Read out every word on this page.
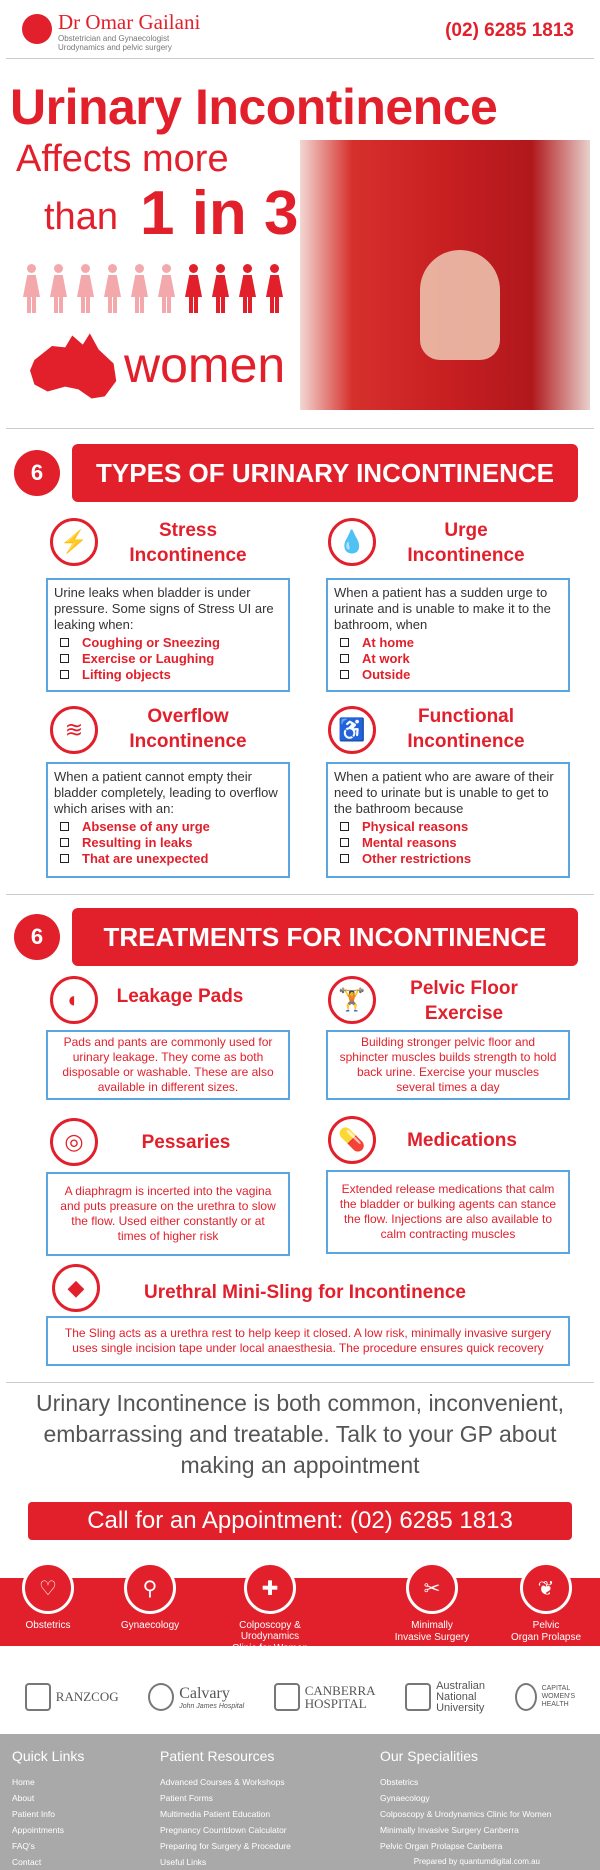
Dr Omar Gailani
Obstetrician and Gynaecologist
Urodynamics and pelvic surgery
(02) 6285 1813
Urinary Incontinence
Affects more
than 1 in 3
women
6	TYPES OF URINARY INCONTINENCE
⚡	Stress
Incontinence
Urine leaks when bladder is under pressure. Some signs of Stress UI are leaking when:
Coughing or Sneezing
Exercise or Laughing
Lifting objects
💧	Urge
Incontinence
When a patient has a sudden urge to urinate and is unable to make it to the bathroom, when
At home
At work
Outside
≋
Overflow
Incontinence
When a patient cannot empty their bladder completely, leading to overflow which arises with an:
Absense of any urge
Resulting in leaks
That are unexpected
♿
Functional
Incontinence
When a patient who are aware of their need to urinate but is unable to get to the bathroom because
Physical reasons
Mental reasons
Other restrictions
6	TREATMENTS FOR INCONTINENCE
◐	Leakage Pads
Pads and pants are commonly used for urinary leakage. They come as both disposable or washable. These are also available in different sizes.
🏋	Pelvic Floor
Exercise
Building stronger pelvic floor and sphincter muscles builds strength to hold back urine. Exercise your muscles several times a day
◎	Pessaries
A diaphragm is incerted into the vagina and puts preasure on the urethra to slow the flow. Used either constantly or at times of higher risk
💊	Medications
Extended release medications that calm the bladder or bulking agents can stance the flow. Injections are also available to calm contracting muscles
◆	Urethral Mini-Sling for Incontinence
The Sling acts as a urethra rest to help keep it closed. A low risk, minimally invasive surgery uses single incision tape under local anaesthesia. The procedure ensures quick recovery
Urinary Incontinence is both common, inconvenient, embarrassing and treatable. Talk to your GP about making an appointment
Call for an Appointment: (02) 6285 1813
♡
Obstetrics
⚲
Gynaecology
✚
Colposcopy & Urodynamics
Clinic for Women
✂
Minimally
Invasive Surgery
❦
Pelvic
Organ Prolapse
RANZCOG	Calvary
John James Hospital
CANBERRA
HOSPITAL
Australian
National
University
CAPITAL
WOMEN'S
HEALTH
Quick Links
Home
About
Patient Info
Appointments
FAQ's
Contact
Patient Resources
Advanced Courses & Workshops
Patient Forms
Multimedia Patient Education
Pregnancy Countdown Calculator
Preparing for Surgery & Procedure
Useful Links
Our Specialities
Obstetrics
Gynaecology
Colposcopy & Urodynamics Clinic for Women
Minimally Invasive Surgery Canberra
Pelvic Organ Prolapse Canberra
Prepared by quantumdigital.com.au
